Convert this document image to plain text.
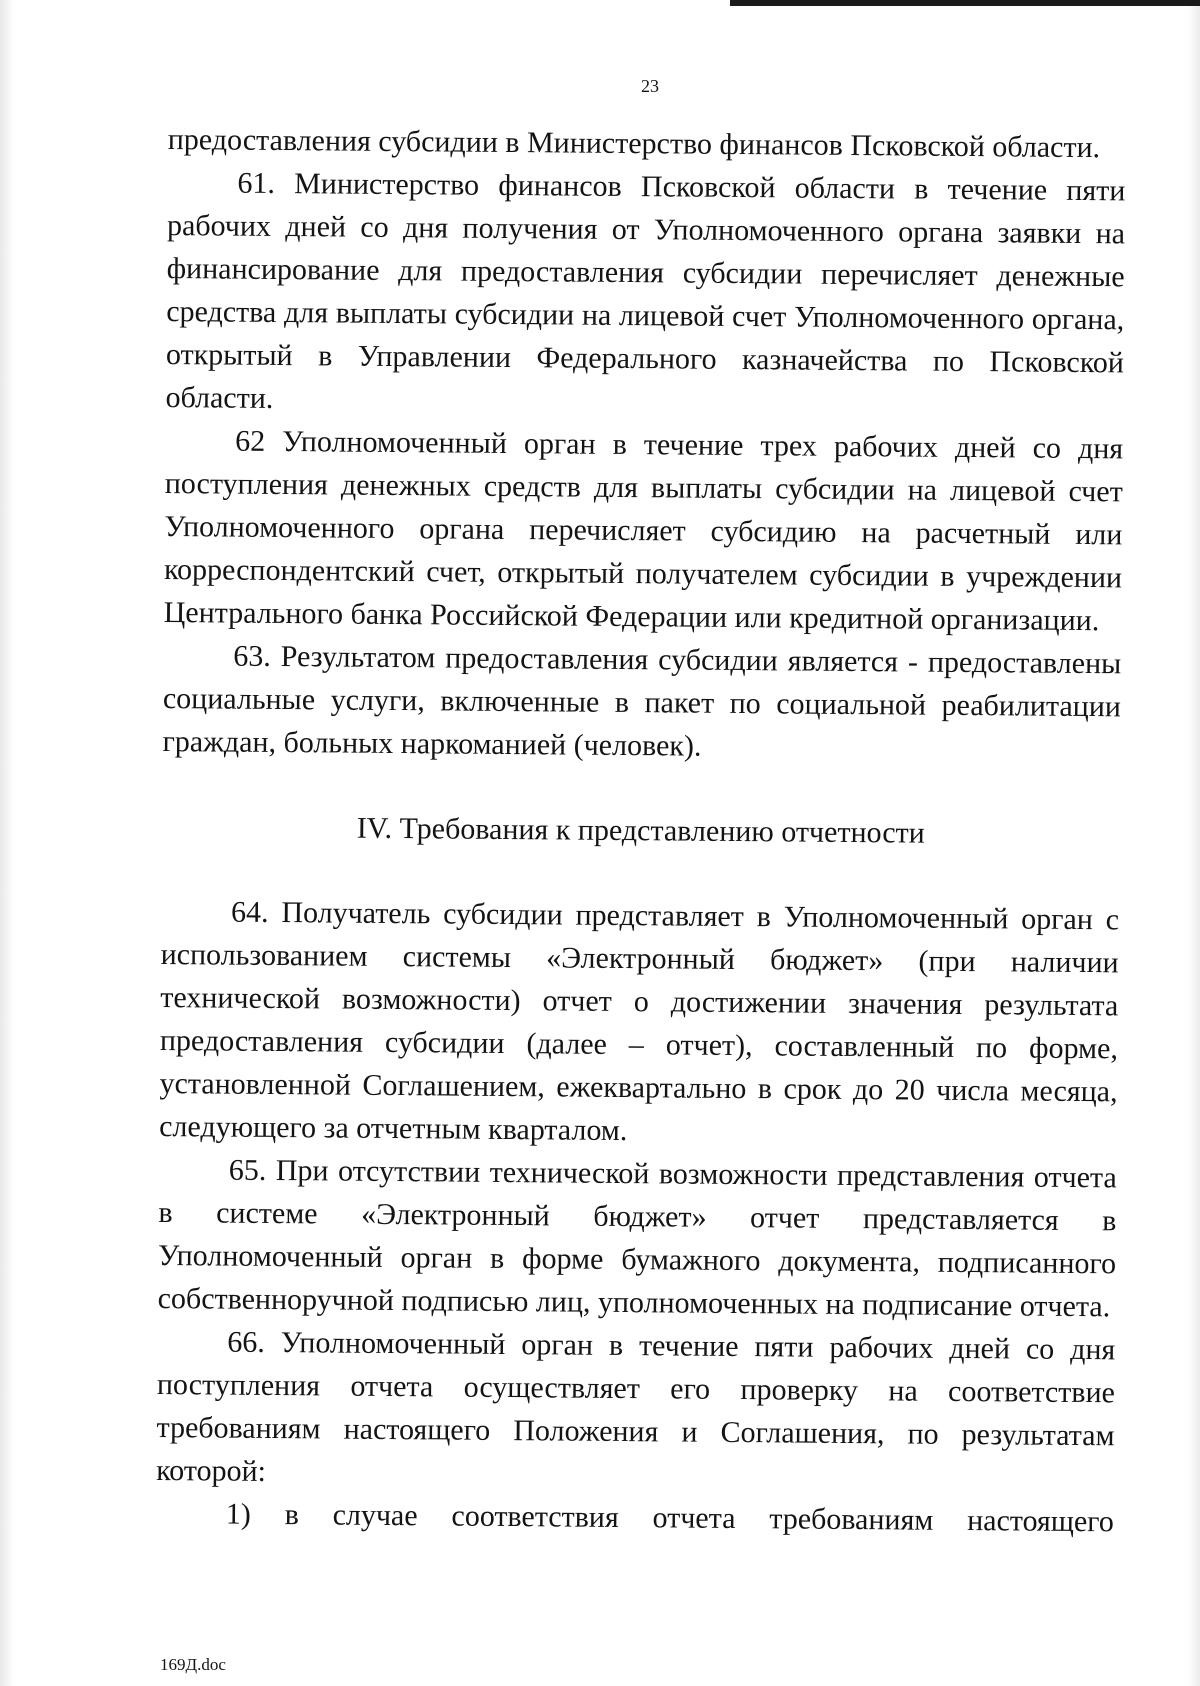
23

предоставления субсидии в Министерство финансов Псковской области.

61. Министерство финансов Псковской области в течение пяти рабочих дней со дня получения от Уполномоченного органа заявки на финансирование для предоставления субсидии перечисляет денежные средства для выплаты субсидии на лицевой счет Уполномоченного органа, открытый в Управлении Федерального казначейства по Псковской области.

62 Уполномоченный орган в течение трех рабочих дней со дня поступления денежных средств для выплаты субсидии на лицевой счет Уполномоченного органа перечисляет субсидию на расчетный или корреспондентский счет, открытый получателем субсидии в учреждении Центрального банка Российской Федерации или кредитной организации.

63. Результатом предоставления субсидии является - предоставлены социальные услуги, включенные в пакет по социальной реабилитации граждан, больных наркоманией (человек).

IV. Требования к представлению отчетности

64. Получатель субсидии представляет в Уполномоченный орган с использованием системы «Электронный бюджет» (при наличии технической возможности) отчет о достижении значения результата предоставления субсидии (далее – отчет), составленный по форме, установленной Соглашением, ежеквартально в срок до 20 числа месяца, следующего за отчетным кварталом.

65. При отсутствии технической возможности представления отчета в системе «Электронный бюджет» отчет представляется в Уполномоченный орган в форме бумажного документа, подписанного собственноручной подписью лиц, уполномоченных на подписание отчета.

66. Уполномоченный орган в течение пяти рабочих дней со дня поступления отчета осуществляет его проверку на соответствие требованиям настоящего Положения и Соглашения, по результатам которой:

1) в случае соответствия отчета требованиям настоящего

169Д.doc
